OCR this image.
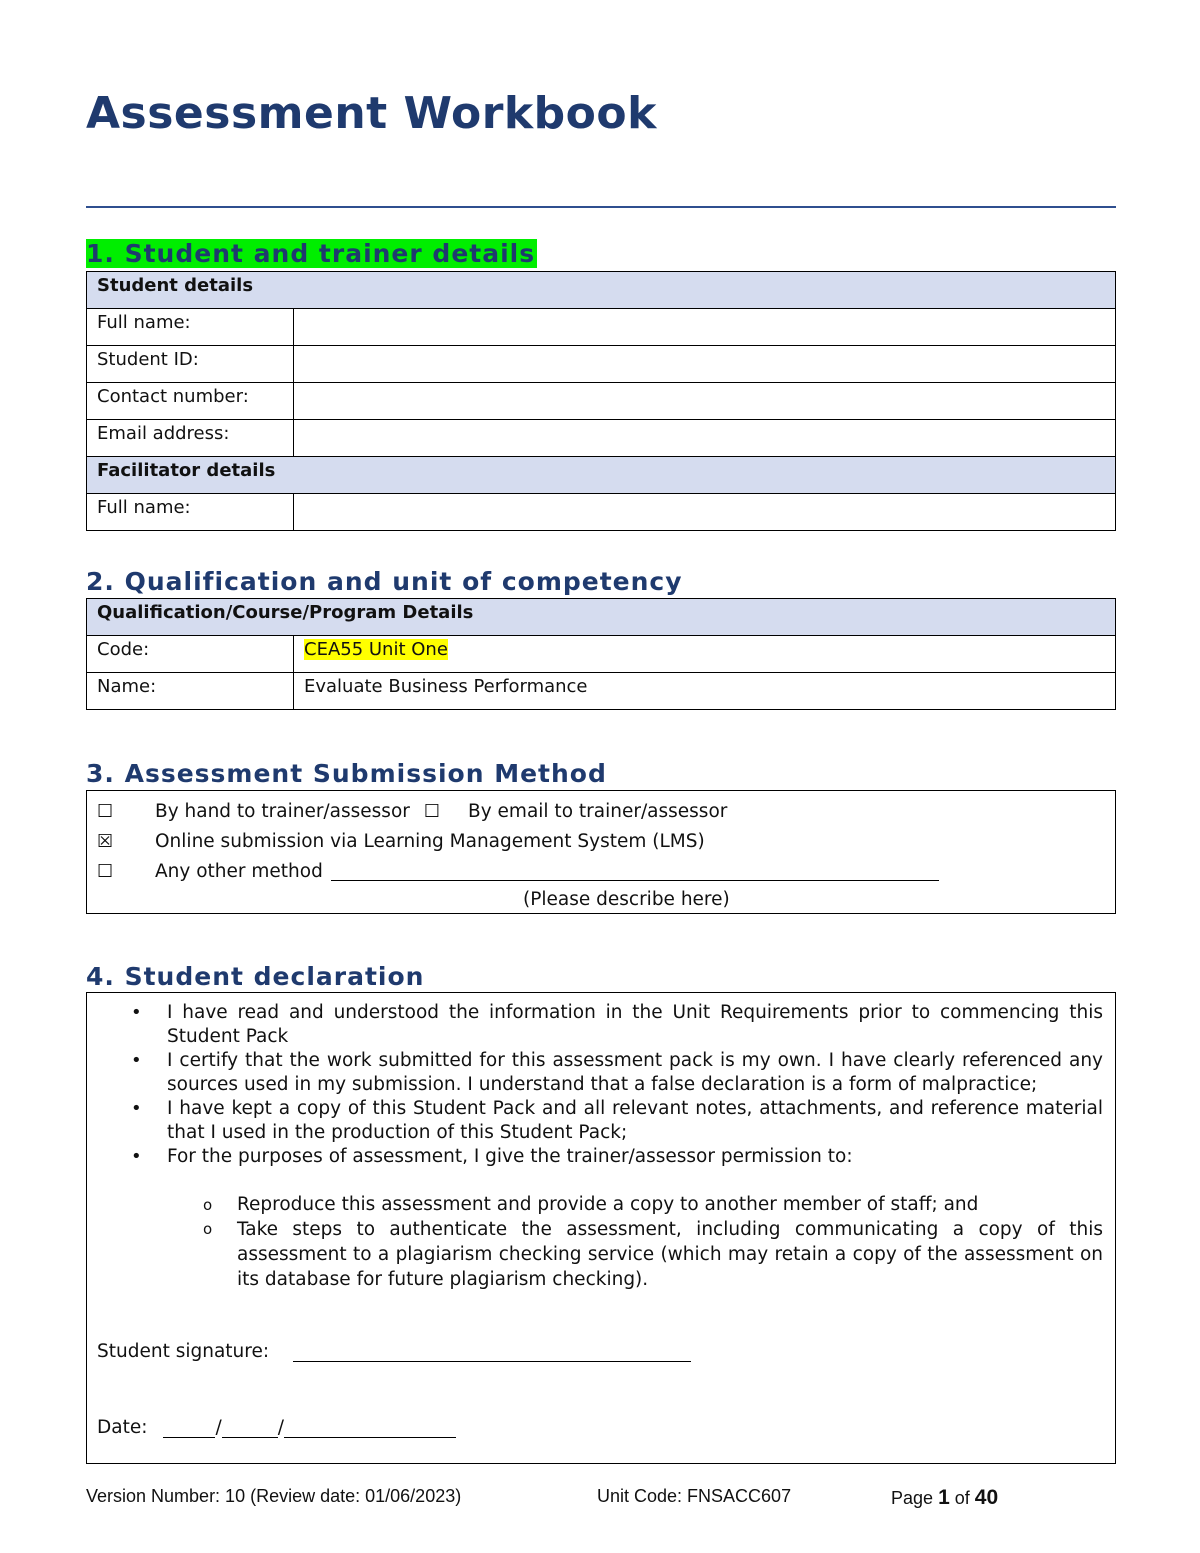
Assessment Workbook
1. Student and trainer details
Student details	
Full name:	
Student ID:	
Contact number:	
Email address:	
Facilitator details	
Full name:	
2. Qualification and unit of competency
Qualification/Course/Program Details	
Code:	CEA55 Unit One
Name:	Evaluate Business Performance
3. Assessment Submission Method
☐	By hand to trainer/assessor ☐ By email to trainer/assessor
☒	Online submission via Learning Management System (LMS)
☐	Any other method
(Please describe here)
4. Student declaration
• I have read and understood the information in the Unit Requirements prior to commencing this Student Pack
• I certify that the work submitted for this assessment pack is my own. I have clearly referenced any sources used in my submission. I understand that a false declaration is a form of malpractice;
• I have kept a copy of this Student Pack and all relevant notes, attachments, and reference material that I used in the production of this Student Pack;
• For the purposes of assessment, I give the trainer/assessor permission to:
o Reproduce this assessment and provide a copy to another member of staff; and
o Take steps to authenticate the assessment, including communicating a copy of this assessment to a plagiarism checking service (which may retain a copy of the assessment on its database for future plagiarism checking).
Student signature:
Date:	/	/
Version Number: 10 (Review date: 01/06/2023)	Unit Code: FNSACC607	Page 1 of 40
